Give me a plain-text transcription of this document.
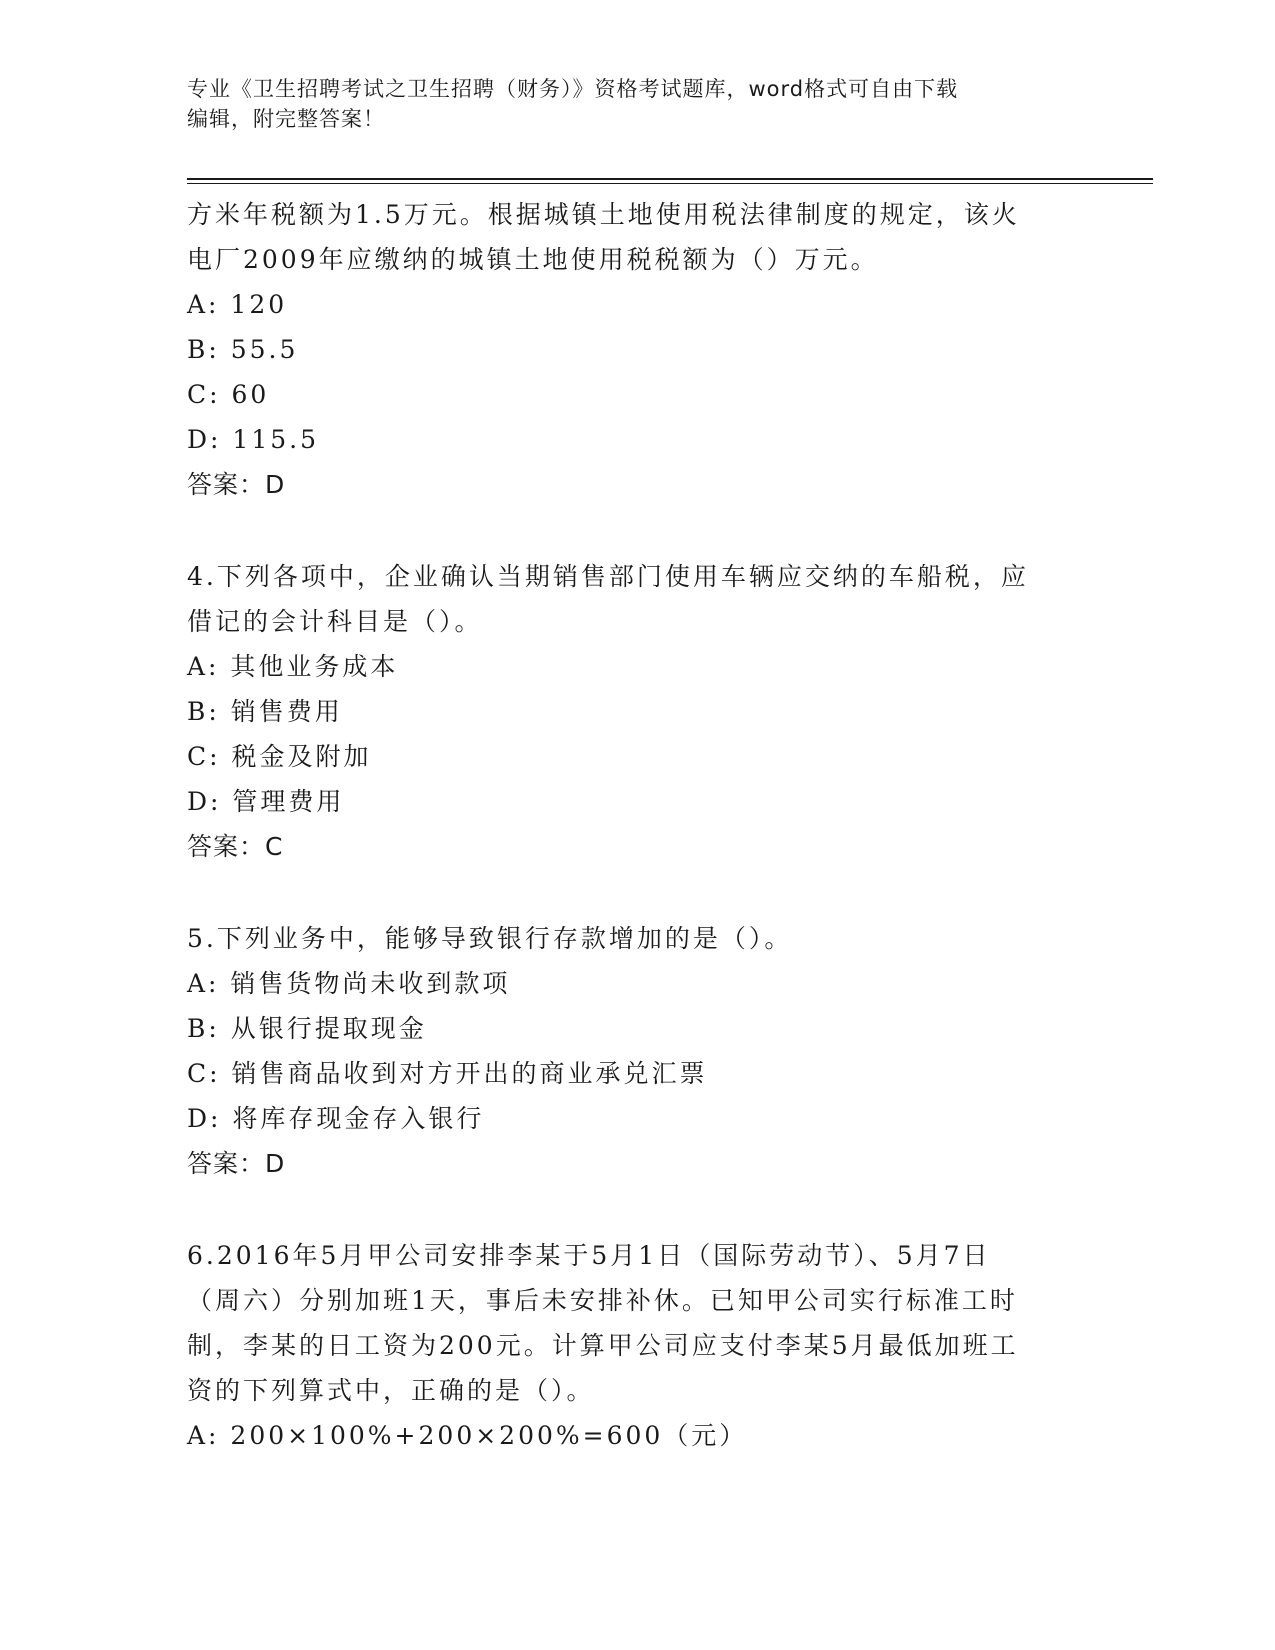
专业《卫生招聘考试之卫生招聘（财务）》资格考试题库，word格式可自由下载
编辑，附完整答案！
方米年税额为1.5万元。根据城镇土地使用税法律制度的规定，该火
电厂2009年应缴纳的城镇土地使用税税额为（）万元。
A: 120
B: 55.5
C: 60
D: 115.5
答案：D
4.下列各项中，企业确认当期销售部门使用车辆应交纳的车船税，应
借记的会计科目是（）。
A: 其他业务成本
B: 销售费用
C: 税金及附加
D: 管理费用
答案：C
5.下列业务中，能够导致银行存款增加的是（）。
A: 销售货物尚未收到款项
B: 从银行提取现金
C: 销售商品收到对方开出的商业承兑汇票
D: 将库存现金存入银行
答案：D
6.2016年5月甲公司安排李某于5月1日（国际劳动节）、5月7日
（周六）分别加班1天，事后未安排补休。已知甲公司实行标准工时
制，李某的日工资为200元。计算甲公司应支付李某5月最低加班工
资的下列算式中，正确的是（）。
A: 200×100%+200×200%=600（元）
